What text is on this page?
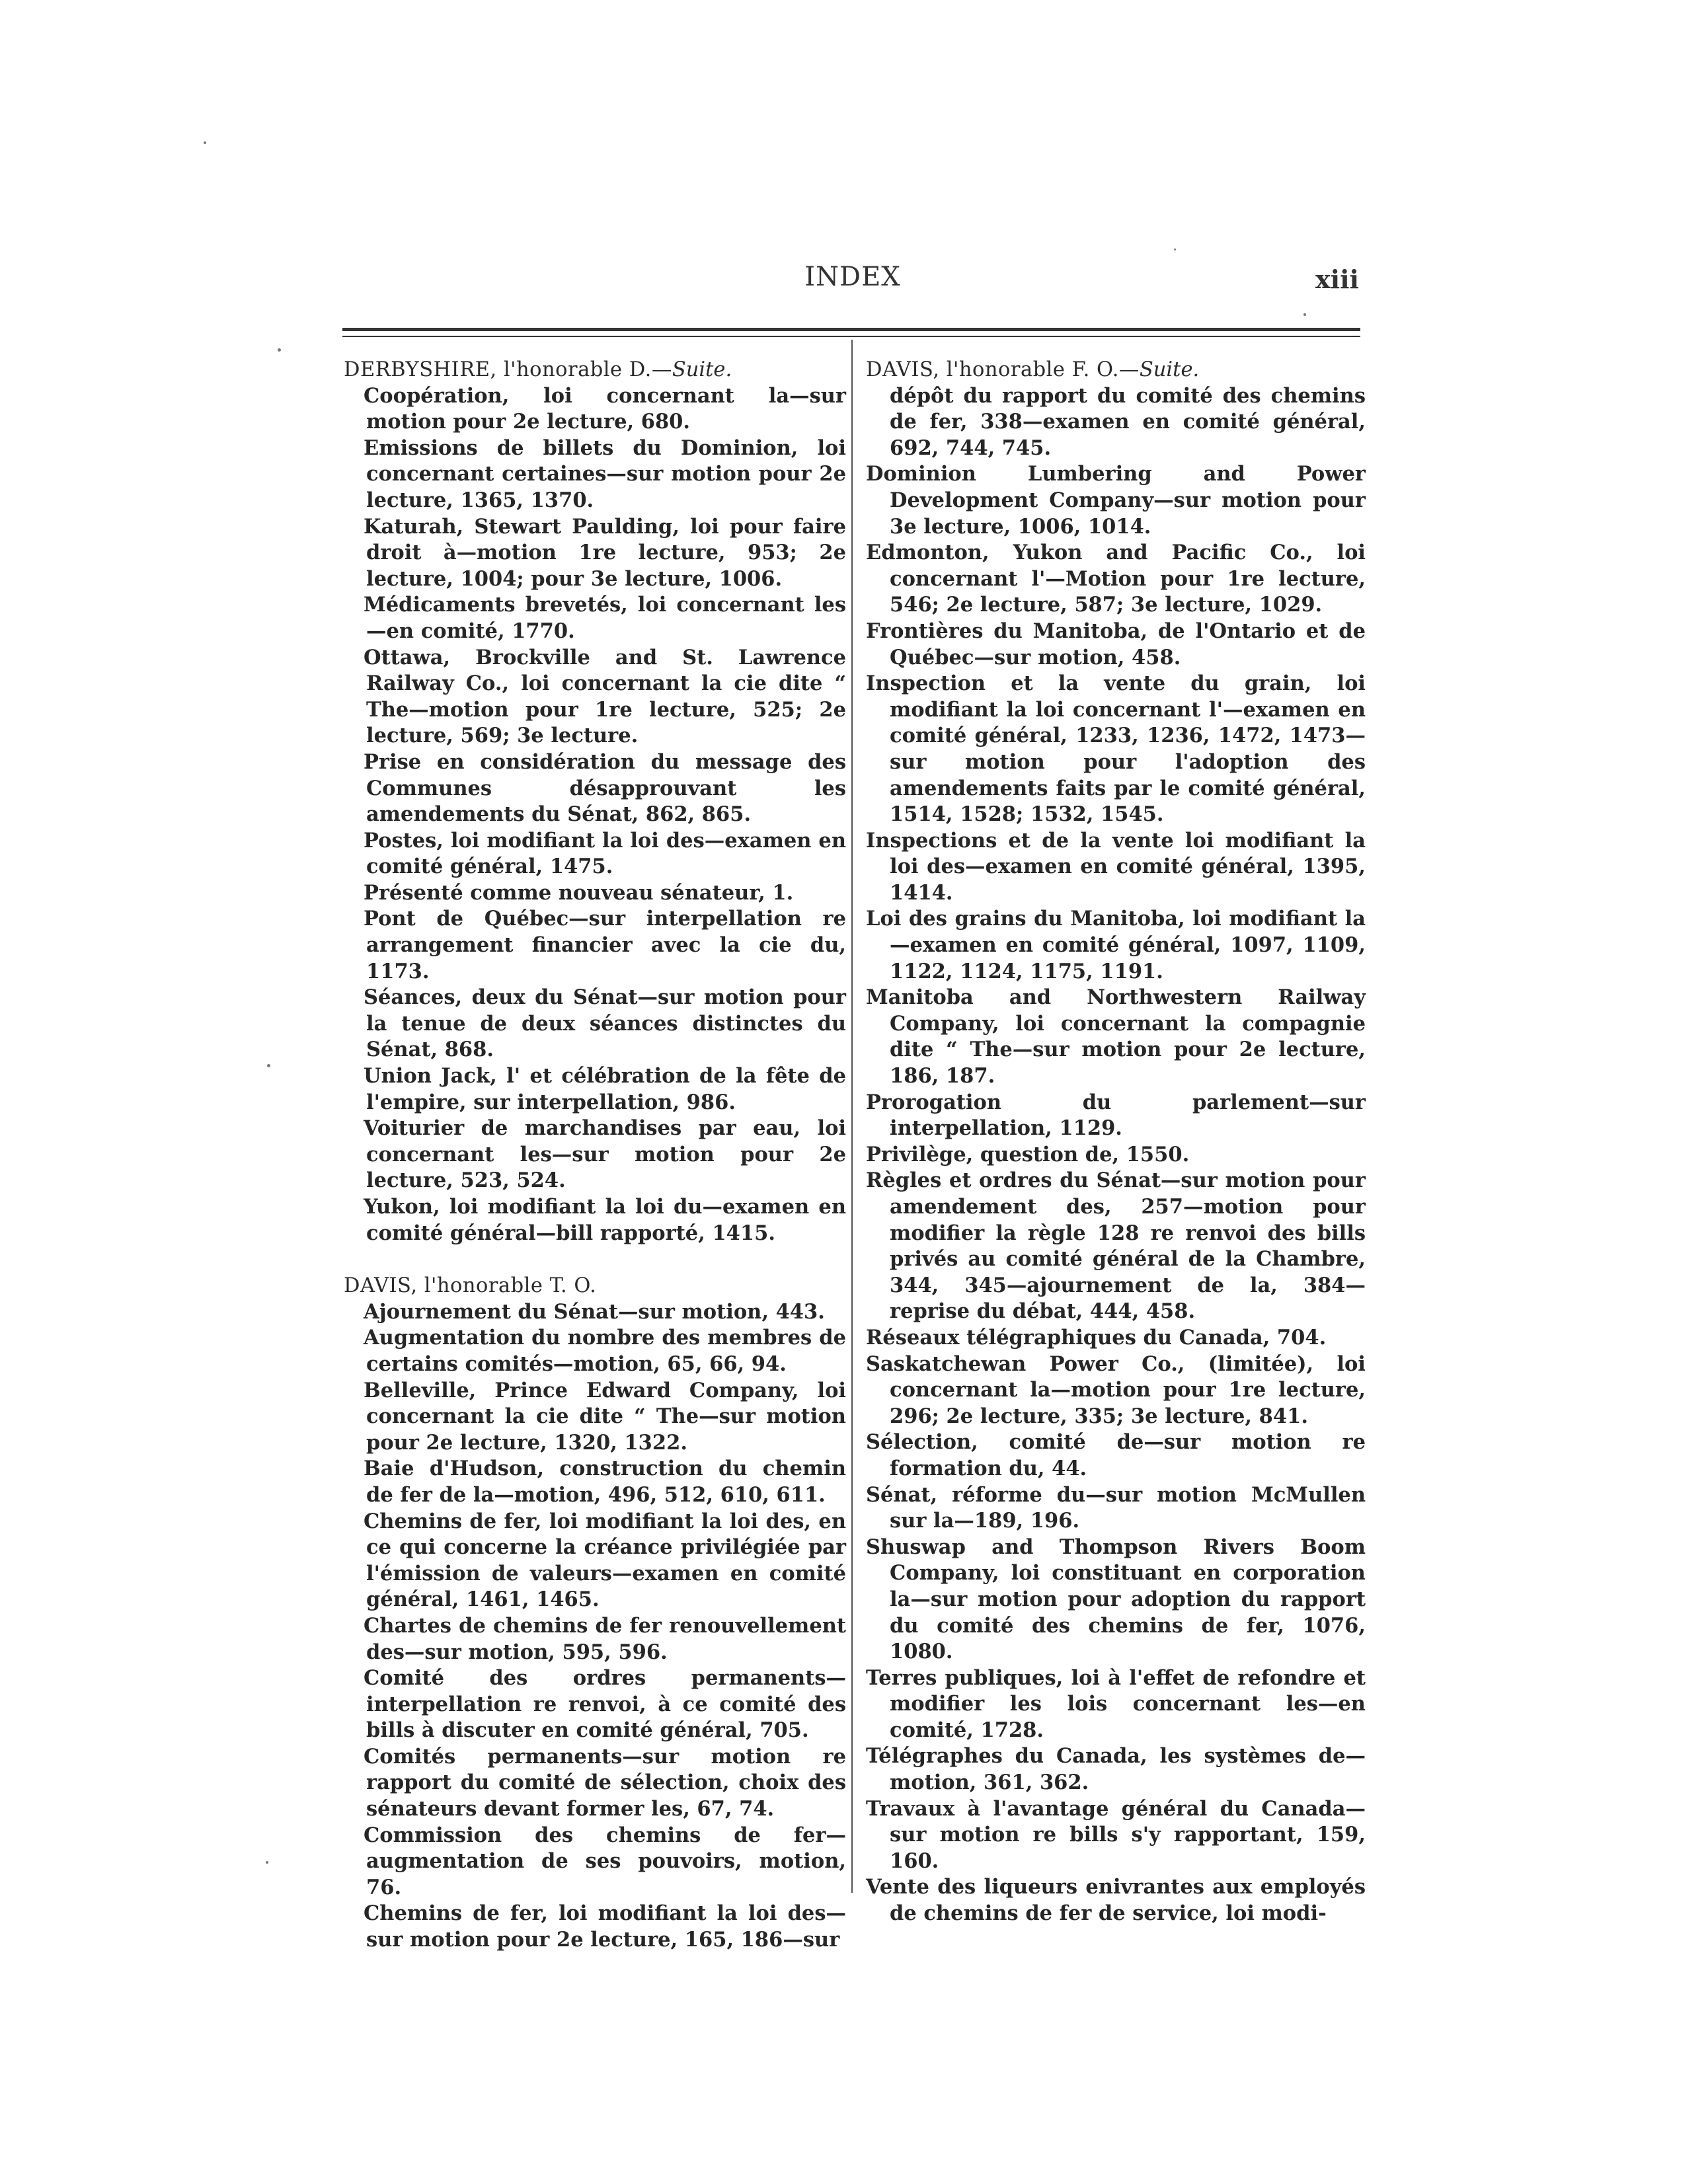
INDEX	xiii

DERBYSHIRE, l'honorable D.—Suite.

Coopération, loi concernant la—sur motion pour 2e lecture, 680.

Emissions de billets du Dominion, loi concernant certaines—sur motion pour 2e lecture, 1365, 1370.

Katurah, Stewart Paulding, loi pour faire droit à—motion 1re lecture, 953; 2e lecture, 1004; pour 3e lecture, 1006.

Médicaments brevetés, loi concernant les—en comité, 1770.

Ottawa, Brockville and St. Lawrence Railway Co., loi concernant la cie dite “ The—motion pour 1re lecture, 525; 2e lecture, 569; 3e lecture.

Prise en considération du message des Communes désapprouvant les amendements du Sénat, 862, 865.

Postes, loi modifiant la loi des—examen en comité général, 1475.

Présenté comme nouveau sénateur, 1.

Pont de Québec—sur interpellation re arrangement financier avec la cie du, 1173.

Séances, deux du Sénat—sur motion pour la tenue de deux séances distinctes du Sénat, 868.

Union Jack, l' et célébration de la fête de l'empire, sur interpellation, 986.

Voiturier de marchandises par eau, loi concernant les—sur motion pour 2e lecture, 523, 524.

Yukon, loi modifiant la loi du—examen en comité général—bill rapporté, 1415.

DAVIS, l'honorable T. O.

Ajournement du Sénat—sur motion, 443.

Augmentation du nombre des membres de certains comités—motion, 65, 66, 94.

Belleville, Prince Edward Company, loi concernant la cie dite “ The—sur motion pour 2e lecture, 1320, 1322.

Baie d'Hudson, construction du chemin de fer de la—motion, 496, 512, 610, 611.

Chemins de fer, loi modifiant la loi des, en ce qui concerne la créance privilégiée par l'émission de valeurs—examen en comité général, 1461, 1465.

Chartes de chemins de fer renouvellement des—sur motion, 595, 596.

Comité des ordres permanents—interpellation re renvoi, à ce comité des bills à discuter en comité général, 705.

Comités permanents—sur motion re rapport du comité de sélection, choix des sénateurs devant former les, 67, 74.

Commission des chemins de fer—augmentation de ses pouvoirs, motion, 76.

Chemins de fer, loi modifiant la loi des—sur motion pour 2e lecture, 165, 186—sur

DAVIS, l'honorable F. O.—Suite.

dépôt du rapport du comité des chemins de fer, 338—examen en comité général, 692, 744, 745.

Dominion Lumbering and Power Development Company—sur motion pour 3e lecture, 1006, 1014.

Edmonton, Yukon and Pacific Co., loi concernant l'—Motion pour 1re lecture, 546; 2e lecture, 587; 3e lecture, 1029.

Frontières du Manitoba, de l'Ontario et de Québec—sur motion, 458.

Inspection et la vente du grain, loi modifiant la loi concernant l'—examen en comité général, 1233, 1236, 1472, 1473—sur motion pour l'adoption des amendements faits par le comité général, 1514, 1528; 1532, 1545.

Inspections et de la vente loi modifiant la loi des—examen en comité général, 1395, 1414.

Loi des grains du Manitoba, loi modifiant la—examen en comité général, 1097, 1109, 1122, 1124, 1175, 1191.

Manitoba and Northwestern Railway Company, loi concernant la compagnie dite “ The—sur motion pour 2e lecture, 186, 187.

Prorogation du parlement—sur interpellation, 1129.

Privilège, question de, 1550.

Règles et ordres du Sénat—sur motion pour amendement des, 257—motion pour modifier la règle 128 re renvoi des bills privés au comité général de la Chambre, 344, 345—ajournement de la, 384—reprise du débat, 444, 458.

Réseaux télégraphiques du Canada, 704.

Saskatchewan Power Co., (limitée), loi concernant la—motion pour 1re lecture, 296; 2e lecture, 335; 3e lecture, 841.

Sélection, comité de—sur motion re formation du, 44.

Sénat, réforme du—sur motion McMullen sur la—189, 196.

Shuswap and Thompson Rivers Boom Company, loi constituant en corporation la—sur motion pour adoption du rapport du comité des chemins de fer, 1076, 1080.

Terres publiques, loi à l'effet de refondre et modifier les lois concernant les—en comité, 1728.

Télégraphes du Canada, les systèmes de—motion, 361, 362.

Travaux à l'avantage général du Canada—sur motion re bills s'y rapportant, 159, 160.

Vente des liqueurs enivrantes aux employés de chemins de fer de service, loi modi-
